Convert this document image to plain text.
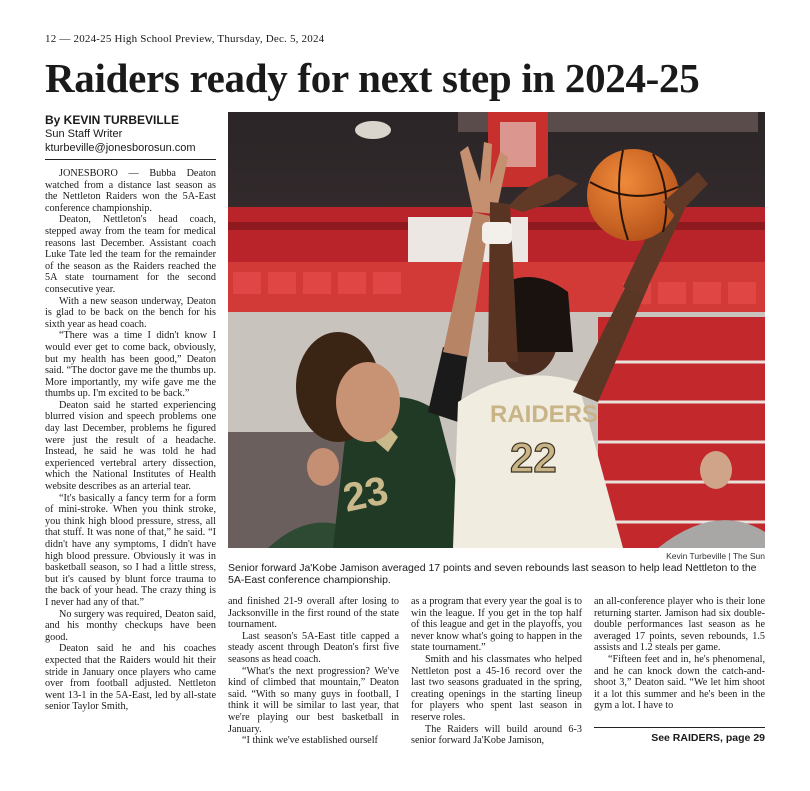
12 — 2024-25 High School Preview, Thursday, Dec. 5, 2024
Raiders ready for next step in 2024-25
By KEVIN TURBEVILLE
Sun Staff Writer
kturbeville@jonesborosun.com

JONESBORO — Bubba Deaton watched from a distance last season as the Nettleton Raiders won the 5A-East conference championship.

Deaton, Nettleton's head coach, stepped away from the team for medical reasons last December. Assistant coach Luke Tate led the team for the remainder of the season as the Raiders reached the 5A state tournament for the second consecutive year.

With a new season underway, Deaton is glad to be back on the bench for his sixth year as head coach.

“There was a time I didn't know I would ever get to come back, obviously, but my health has been good,” Deaton said. “The doctor gave me the thumbs up. More importantly, my wife gave me the thumbs up. I'm excited to be back.”

Deaton said he started experiencing blurred vision and speech problems one day last December, problems he figured were just the result of a headache. Instead, he said he was told he had experienced vertebral artery dissection, which the National Institutes of Health website describes as an arterial tear.

“It's basically a fancy term for a form of mini-stroke. When you think stroke, you think high blood pressure, stress, all that stuff. It was none of that,” he said. “I didn't have any symptoms, I didn't have high blood pressure. Obviously it was in basketball season, so I had a little stress, but it's caused by blunt force trauma to the back of your head. The crazy thing is I never had any of that.”

No surgery was required, Deaton said, and his monthy checkups have been good.

Deaton said he and his coaches expected that the Raiders would hit their stride in January once players who came over from football adjusted. Nettleton went 13-1 in the 5A-East, led by all-state senior Taylor Smith,

23
RAIDERS
22
Kevin Turbeville | The Sun
Senior forward Ja'Kobe Jamison averaged 17 points and seven rebounds last season to help lead Nettleton to the 5A-East conference championship.

and finished 21-9 overall after losing to Jacksonville in the first round of the state tournament.

Last season's 5A-East title capped a steady ascent through Deaton's first five seasons as head coach.

“What's the next progression? We've kind of climbed that mountain,” Deaton said. “With so many guys in football, I think it will be similar to last year, that we're playing our best basketball in January.

“I think we've established ourself

as a program that every year the goal is to win the league. If you get in the top half of this league and get in the playoffs, you never know what's going to happen in the state tournament.”

Smith and his classmates who helped Nettleton post a 45-16 record over the last two seasons graduated in the spring, creating openings in the starting lineup for players who spent last season in reserve roles.

The Raiders will build around 6-3 senior forward Ja'Kobe Jamison,

an all-conference player who is their lone returning starter. Jamison had six double-double performances last season as he averaged 17 points, seven rebounds, 1.5 assists and 1.2 steals per game.

“Fifteen feet and in, he's phenomenal, and he can knock down the catch-and-shoot 3,” Deaton said. “We let him shoot it a lot this summer and he's been in the gym a lot. I have to

See RAIDERS, page 29
